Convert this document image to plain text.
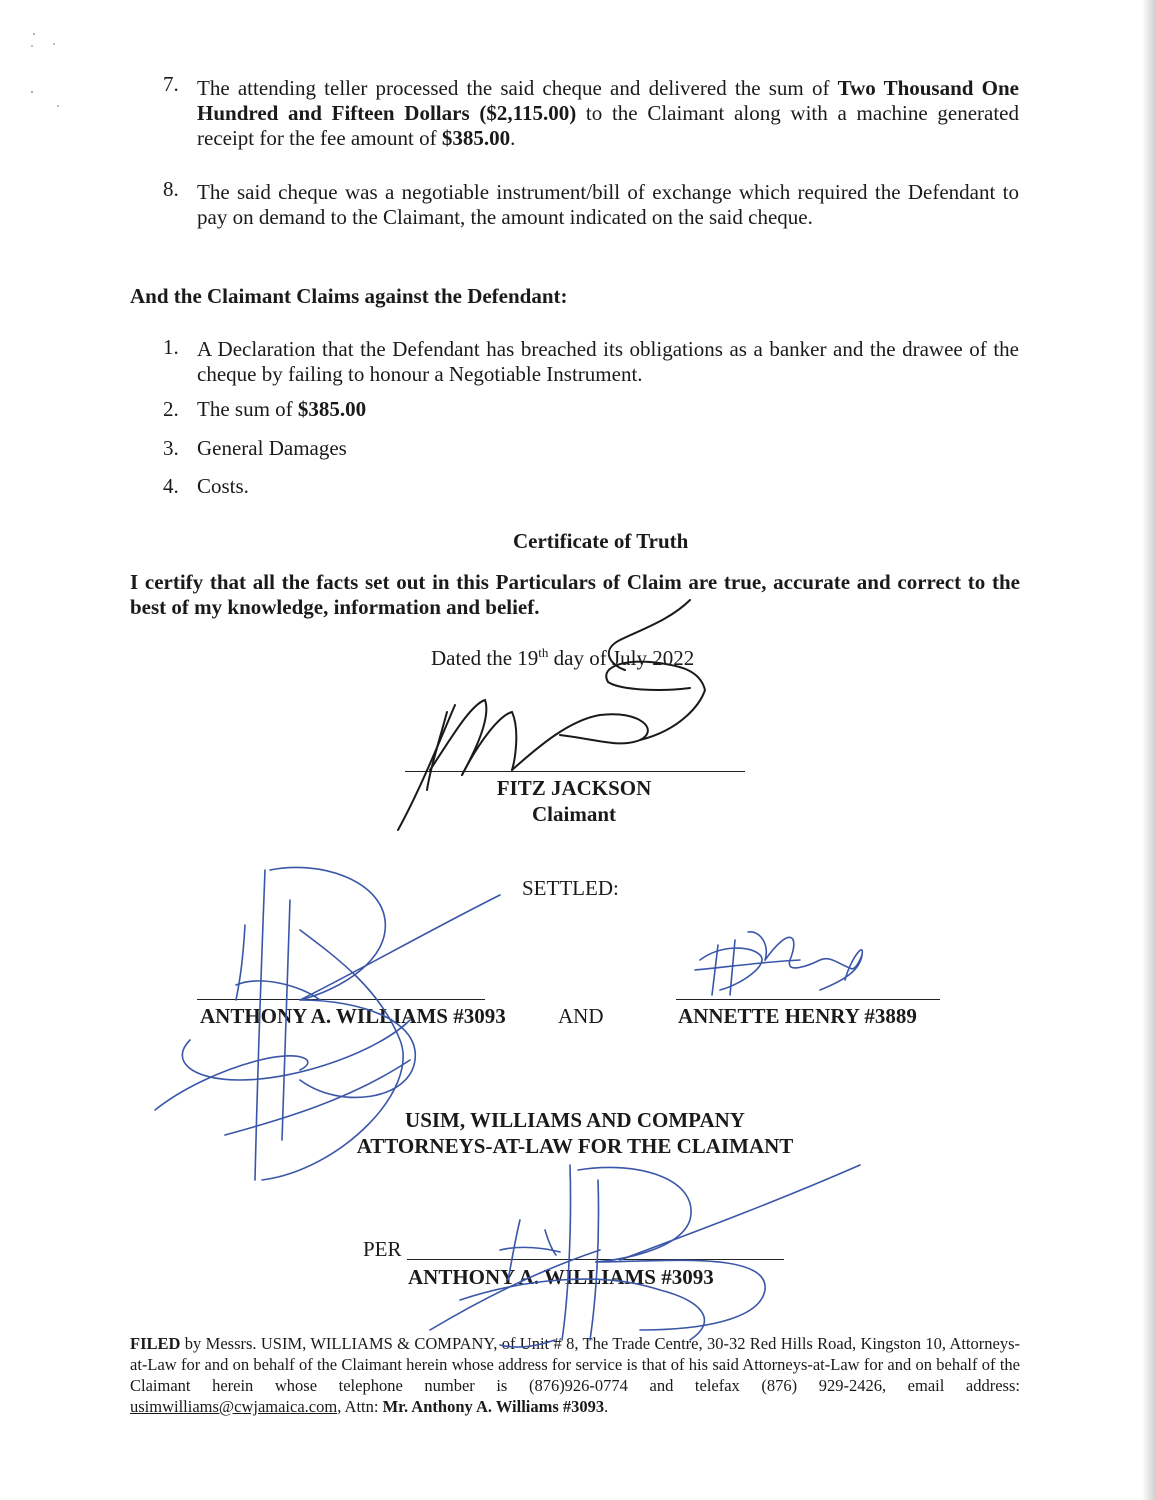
7. The attending teller processed the said cheque and delivered the sum of Two Thousand One Hundred and Fifteen Dollars ($2,115.00) to the Claimant along with a machine generated receipt for the fee amount of $385.00.
8. The said cheque was a negotiable instrument/bill of exchange which required the Defendant to pay on demand to the Claimant, the amount indicated on the said cheque.
And the Claimant Claims against the Defendant:
1. A Declaration that the Defendant has breached its obligations as a banker and the drawee of the cheque by failing to honour a Negotiable Instrument.
2. The sum of $385.00
3. General Damages
4. Costs.
Certificate of Truth
I certify that all the facts set out in this Particulars of Claim are true, accurate and correct to the best of my knowledge, information and belief.
Dated the 19th day of July 2022
FITZ JACKSON
Claimant
SETTLED:
ANTHONY A. WILLIAMS #3093 AND	ANNETTE HENRY #3889
USIM, WILLIAMS AND COMPANY
ATTORNEYS-AT-LAW FOR THE CLAIMANT
PER
ANTHONY A. WILLIAMS #3093
FILED by Messrs. USIM, WILLIAMS & COMPANY, of Unit # 8, The Trade Centre, 30-32 Red Hills Road, Kingston 10, Attorneys-at-Law for and on behalf of the Claimant herein whose address for service is that of his said Attorneys-at-Law for and on behalf of the Claimant herein whose telephone number is (876)926-0774 and telefax (876) 929-2426, email address: usimwilliams@cwjamaica.com, Attn: Mr. Anthony A. Williams #3093.
